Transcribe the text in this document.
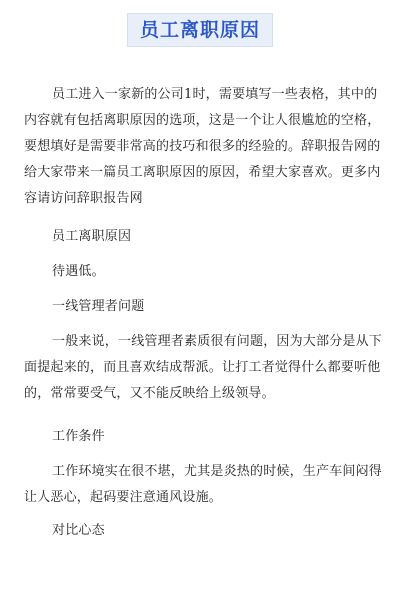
员工离职原因
员工进入一家新的公司1时，需要填写一些表格，其中的
内容就有包括离职原因的选项，这是一个让人很尴尬的空格，
要想填好是需要非常高的技巧和很多的经验的。辞职报告网的
给大家带来一篇员工离职原因的原因，希望大家喜欢。更多内
容请访问辞职报告网
员工离职原因
待遇低。
一线管理者问题
一般来说，一线管理者素质很有问题，因为大部分是从下
面提起来的，而且喜欢结成帮派。让打工者觉得什么都要听他
的，常常要受气，又不能反映给上级领导。
工作条件
工作环境实在很不堪，尤其是炎热的时候，生产车间闷得
让人恶心，起码要注意通风设施。
对比心态
